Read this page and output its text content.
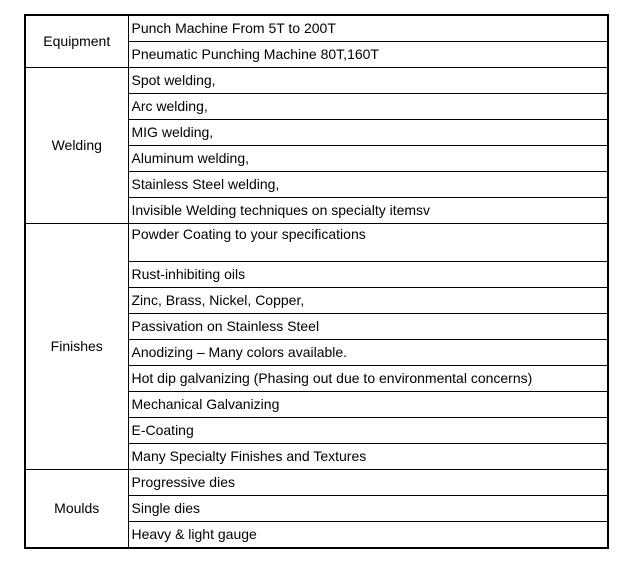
Equipment	Punch Machine From 5T to 200T
	Pneumatic Punching Machine 80T,160T
Welding	Spot welding,
	Arc welding,
	MIG welding,
	Aluminum welding,
	Stainless Steel welding,
	Invisible Welding techniques on specialty itemsv
Finishes	Powder Coating to your specifications
	Rust-inhibiting oils
	Zinc, Brass, Nickel, Copper,
	Passivation on Stainless Steel
	Anodizing – Many colors available.
	Hot dip galvanizing (Phasing out due to environmental concerns)
	Mechanical Galvanizing
	E-Coating
	Many Specialty Finishes and Textures
Moulds	Progressive dies
	Single dies
	Heavy & light gauge
